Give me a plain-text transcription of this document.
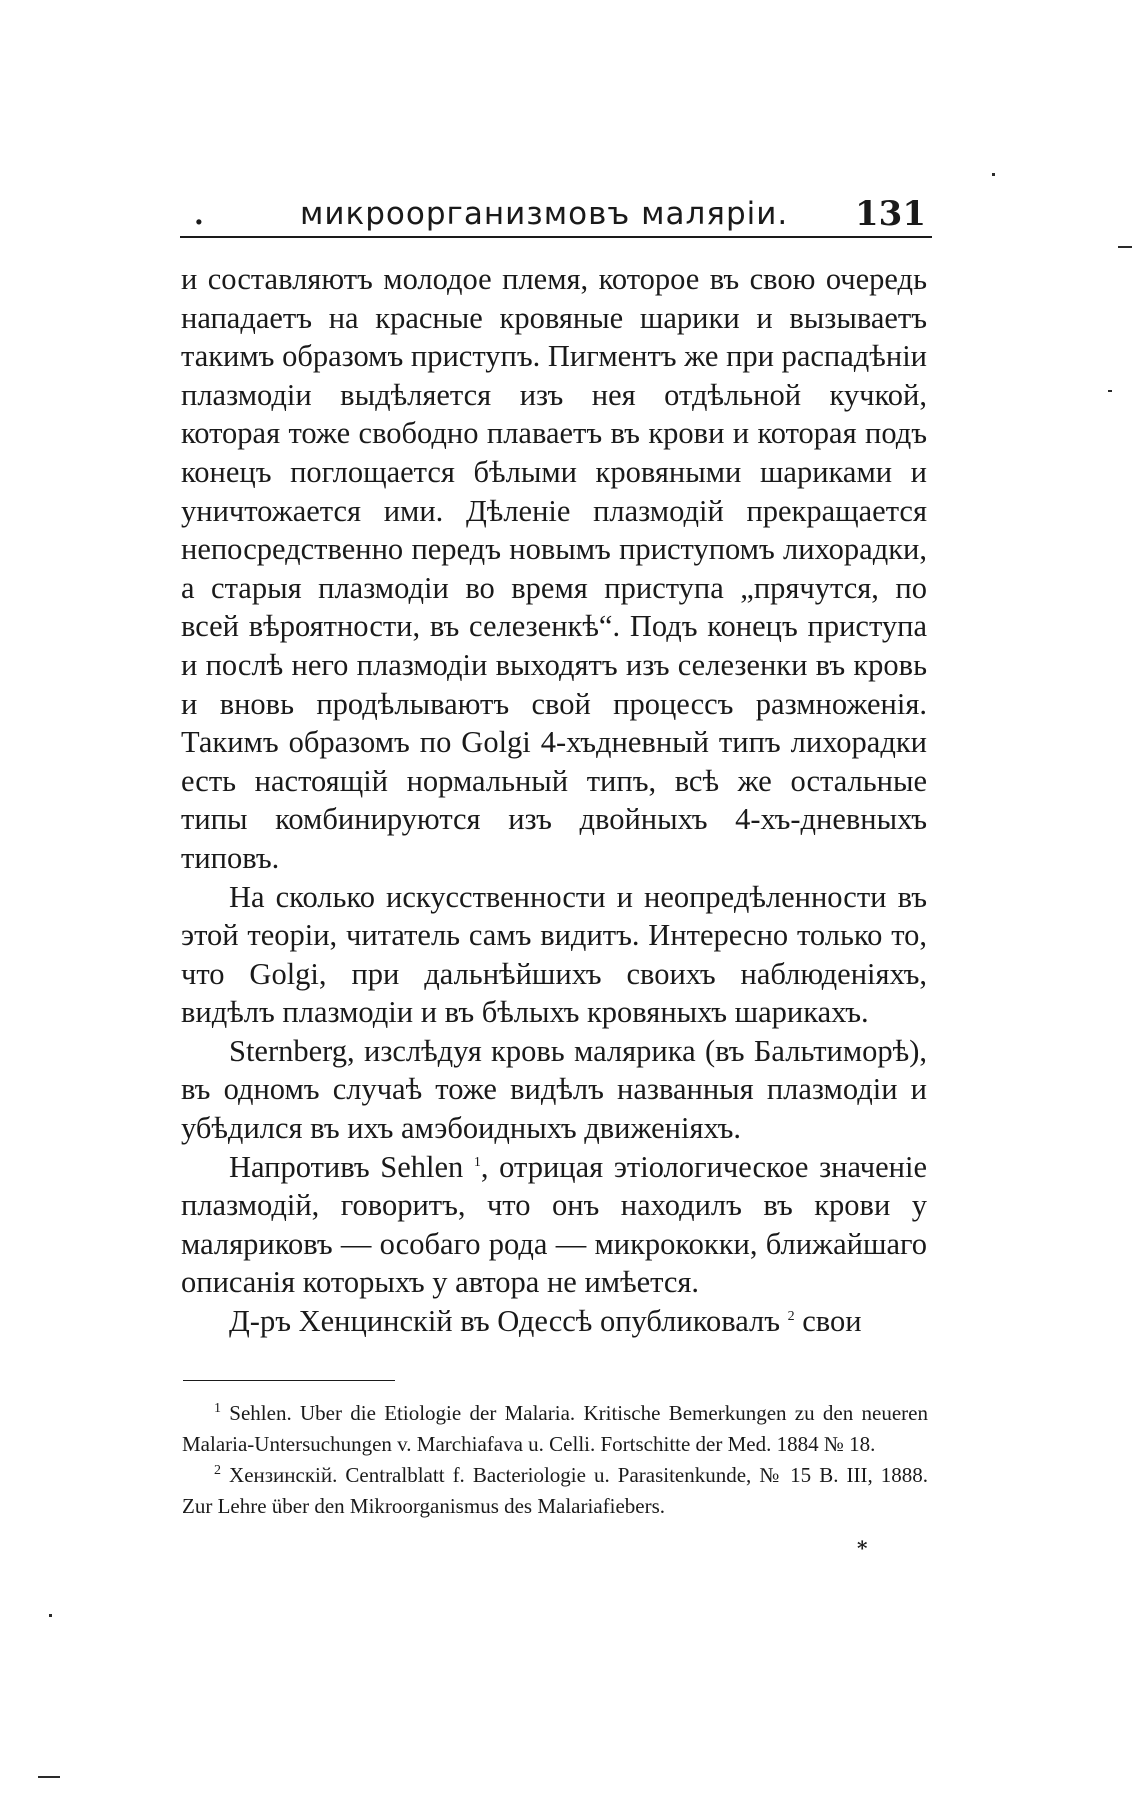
.	микроорганизмовъ маляріи. 131

и составляютъ молодое племя, которое въ свою очередь нападаетъ на красные кровяные шарики и вызываетъ такимъ образомъ приступъ. Пигментъ же при распадѣніи плазмодіи выдѣляется изъ нея отдѣльной кучкой, которая тоже свободно плаваетъ въ крови и которая подъ конецъ поглощается бѣлыми кровяными шариками и уничтожается ими. Дѣленіе плазмодій прекращается непосредственно передъ новымъ приступомъ лихорадки, а старыя плазмодіи во время приступа „прячутся, по всей вѣроятности, въ селезенкѣ“. Подъ конецъ приступа и послѣ него плазмодіи выходятъ изъ селезенки въ кровь и вновь продѣлываютъ свой процессъ размноженія. Такимъ образомъ по Golgi 4-хъдневный типъ лихорадки есть настоящій нормальный типъ, всѣ же остальные типы комбинируются изъ двойныхъ 4-хъ-дневныхъ типовъ.

На сколько искусственности и неопредѣленности въ этой теоріи, читатель самъ видитъ. Интересно только то, что Golgi, при дальнѣйшихъ своихъ наблюденіяхъ, видѣлъ плазмодіи и въ бѣлыхъ кровяныхъ шарикахъ.

Sternberg, изслѣдуя кровь малярика (въ Бальтиморѣ), въ одномъ случаѣ тоже видѣлъ названныя плазмодіи и убѣдился въ ихъ амэбоидныхъ движеніяхъ.

Напротивъ Sehlen $^1$, отрицая этіологическое значеніе плазмодій, говоритъ, что онъ находилъ въ крови у маляриковъ — особаго рода — микрококки, ближайшаго описанія которыхъ у автора не имѣется.

Д-ръ Хенцинскій въ Одессѣ опубликовалъ $^2$ свои

$^1$ Sehlen. Uber die Etiologie der Malaria. Kritische Bemerkungen zu den neueren Malaria-Untersuchungen v. Marchiafava u. Celli. Fortschitte der Med. 1884 № 18.

$^2$ Хензинскій. Centralblatt f. Bacteriologie u. Parasitenkunde, № 15 B. III, 1888. Zur Lehre über den Mikroorganismus des Malariafiebers.

*
